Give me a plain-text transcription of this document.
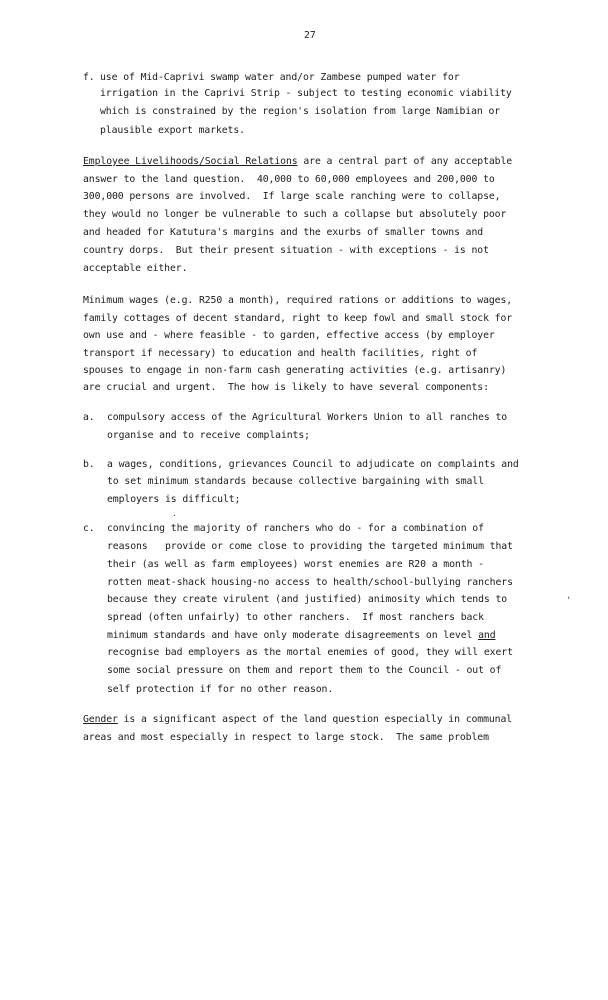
27
f. use of Mid-Caprivi swamp water and/or Zambese pumped water for
irrigation in the Caprivi Strip - subject to testing economic viability
which is constrained by the region's isolation from large Namibian or
plausible export markets.
Employee Livelihoods/Social Relations are a central part of any acceptable
answer to the land question.  40,000 to 60,000 employees and 200,000 to
300,000 persons are involved.  If large scale ranching were to collapse,
they would no longer be vulnerable to such a collapse but absolutely poor
and headed for Katutura's margins and the exurbs of smaller towns and
country dorps.  But their present situation - with exceptions - is not
acceptable either.
Minimum wages (e.g. R250 a month), required rations or additions to wages,
family cottages of decent standard, right to keep fowl and small stock for
own use and - where feasible - to garden, effective access (by employer
transport if necessary) to education and health facilities, right of
spouses to engage in non-farm cash generating activities (e.g. artisanry)
are crucial and urgent.  The how is likely to have several components:
a. compulsory access of the Agricultural Workers Union to all ranches to
organise and to receive complaints;
b. a wages, conditions, grievances Council to adjudicate on complaints and
to set minimum standards because collective bargaining with small
employers is difficult;
·
c. convincing the majority of ranchers who do - for a combination of
reasons   provide or come close to providing the targeted minimum that
their (as well as farm employees) worst enemies are R20 a month -
rotten meat-shack housing-no access to health/school-bullying ranchers
because they create virulent (and justified) animosity which tends to
spread (often unfairly) to other ranchers.  If most ranchers back
minimum standards and have only moderate disagreements on level and
'
recognise bad employers as the mortal enemies of good, they will exert
some social pressure on them and report them to the Council - out of
self protection if for no other reason.
Gender is a significant aspect of the land question especially in communal
areas and most especially in respect to large stock.  The same problem
